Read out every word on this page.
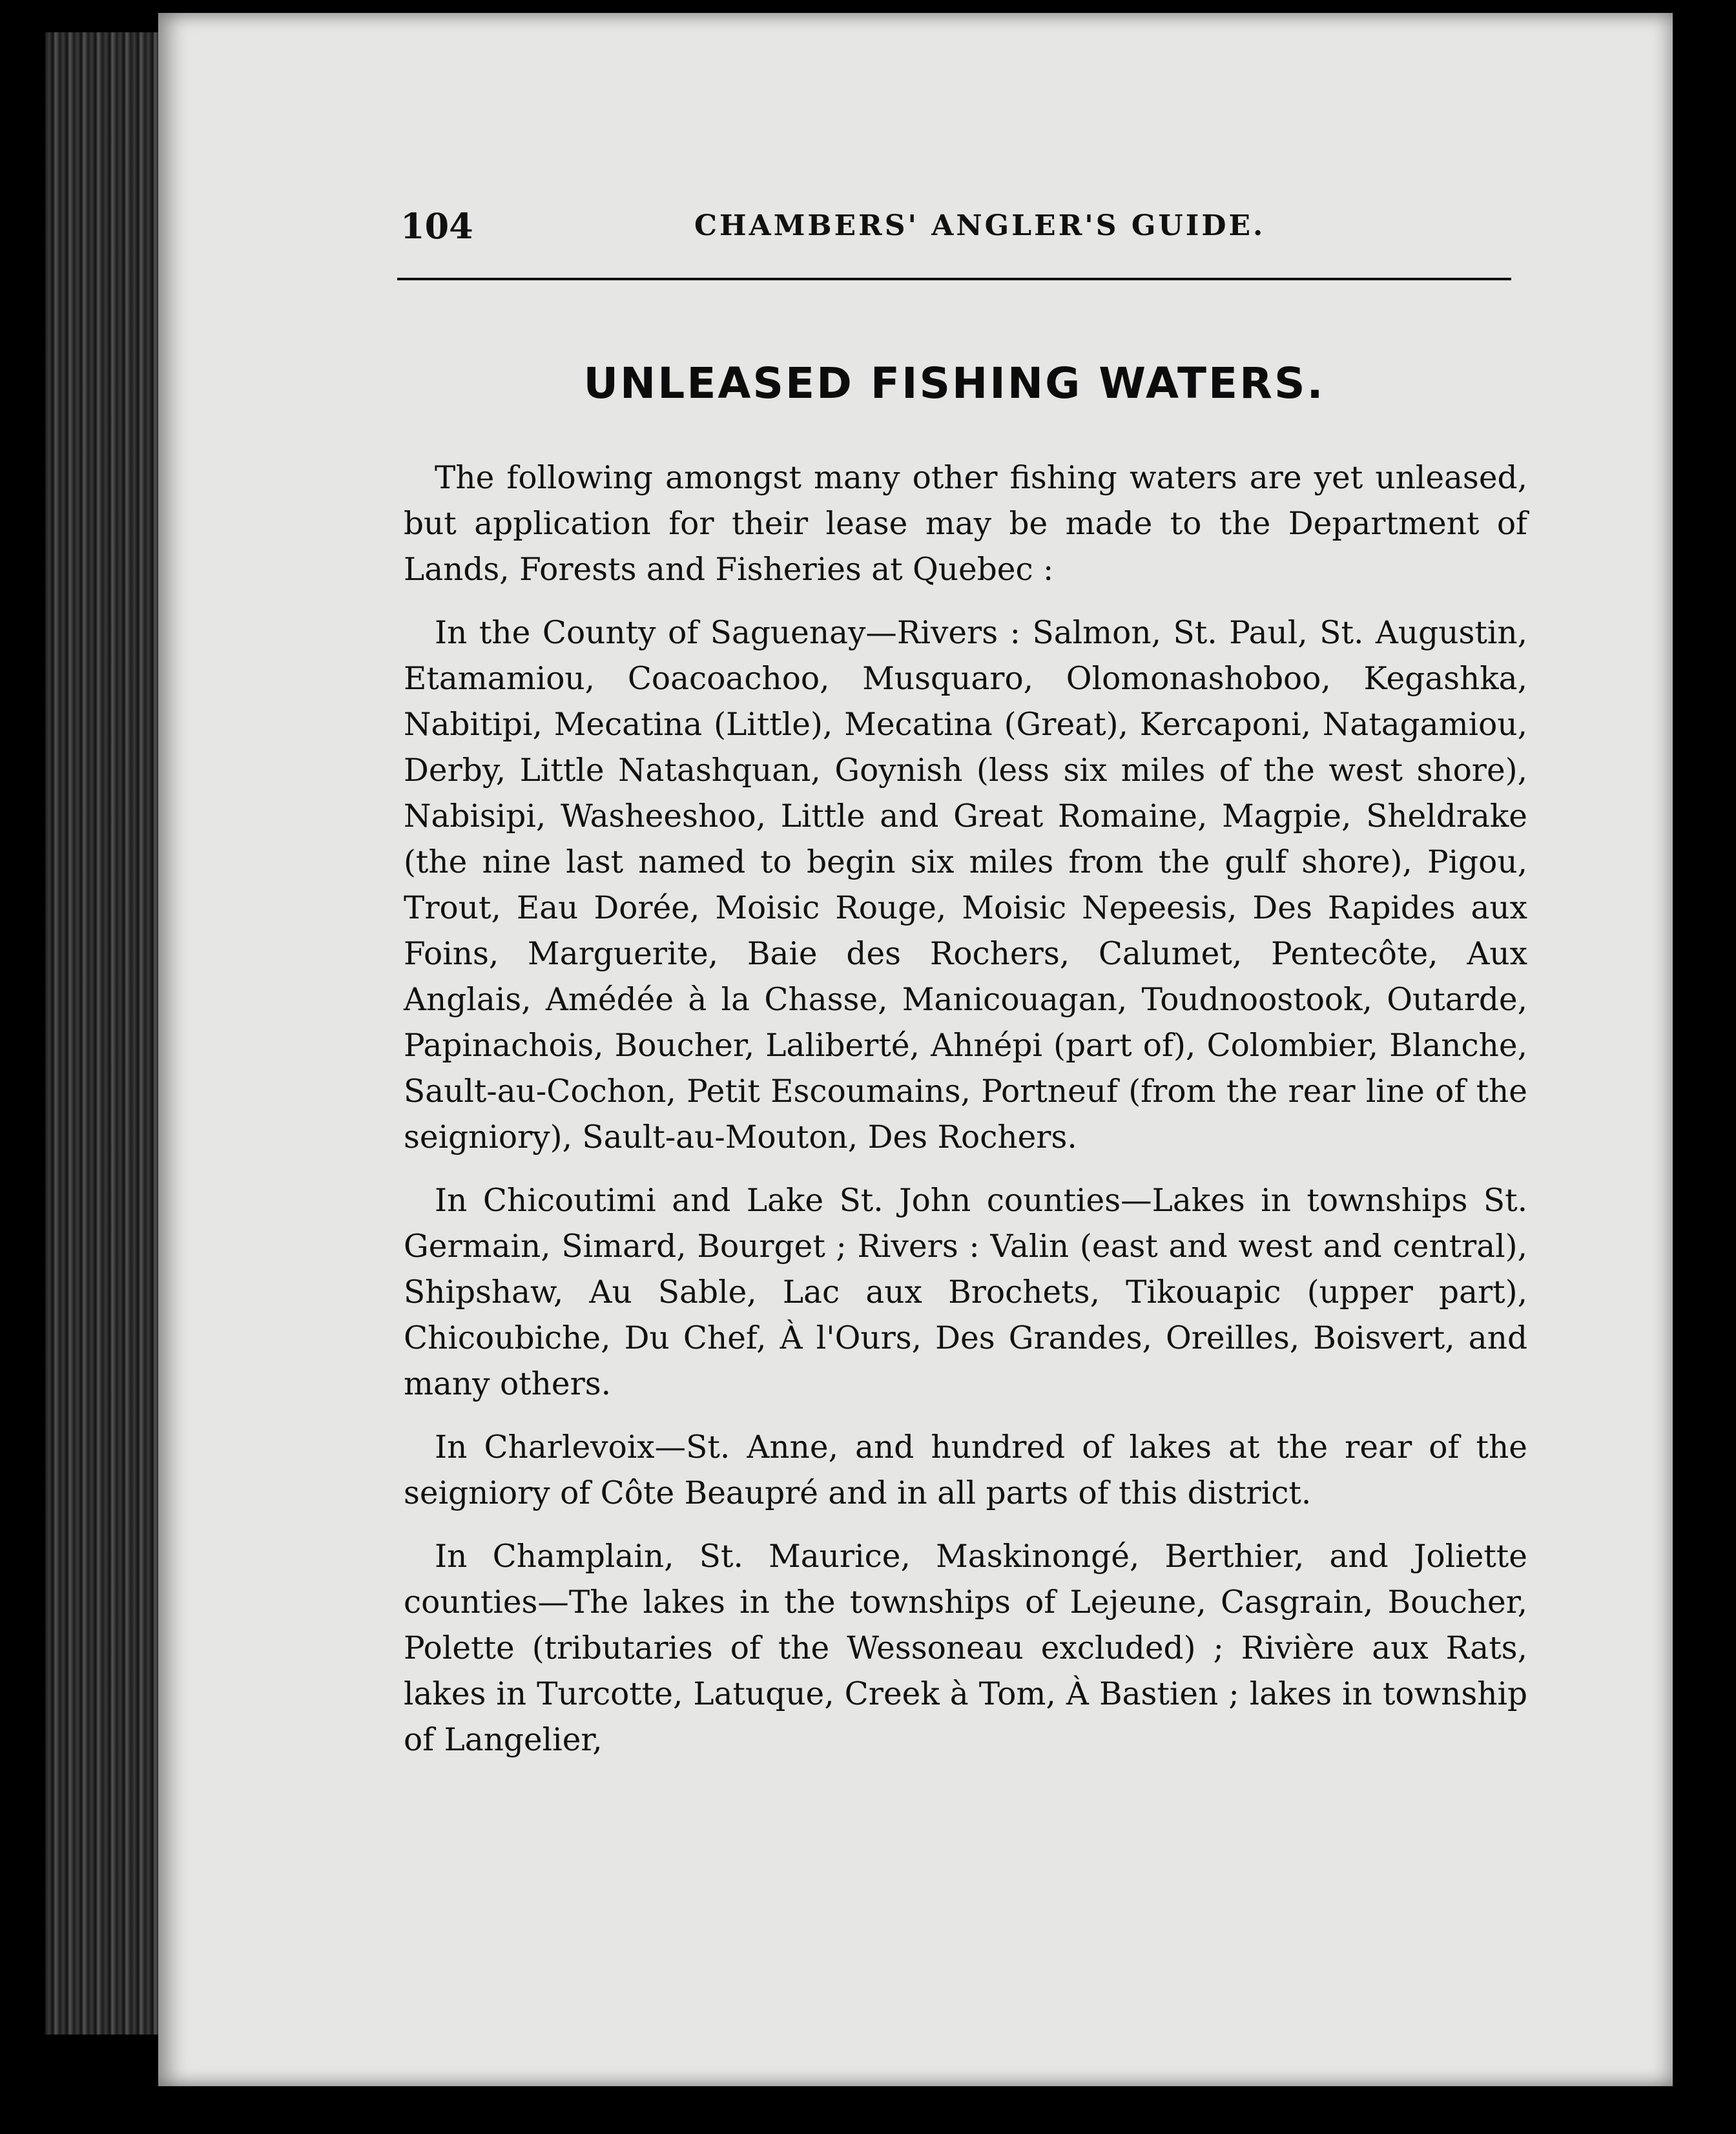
104	CHAMBERS' ANGLER'S GUIDE.
UNLEASED FISHING WATERS.

The following amongst many other fishing waters are yet unleased, but application for their lease may be made to the Department of Lands, Forests and Fisheries at Quebec :

In the County of Saguenay—Rivers : Salmon, St. Paul, St. Augustin, Etamamiou, Coacoachoo, Musquaro, Olomonashoboo, Kegashka, Nabitipi, Mecatina (Little), Mecatina (Great), Kercaponi, Natagamiou, Derby, Little Natashquan, Goynish (less six miles of the west shore), Nabisipi, Washeeshoo, Little and Great Romaine, Magpie, Sheldrake (the nine last named to begin six miles from the gulf shore), Pigou, Trout, Eau Dorée, Moisic Rouge, Moisic Nepeesis, Des Rapides aux Foins, Marguerite, Baie des Rochers, Calumet, Pentecôte, Aux Anglais, Amédée à la Chasse, Manicouagan, Toudnoostook, Outarde, Papinachois, Boucher, Laliberté, Ahnépi (part of), Colombier, Blanche, Sault-au-Cochon, Petit Escoumains, Portneuf (from the rear line of the seigniory), Sault-au-Mouton, Des Rochers.

In Chicoutimi and Lake St. John counties—Lakes in townships St. Germain, Simard, Bourget ; Rivers : Valin (east and west and central), Shipshaw, Au Sable, Lac aux Brochets, Tikouapic (upper part), Chicoubiche, Du Chef, À l'Ours, Des Grandes, Oreilles, Boisvert, and many others.

In Charlevoix—St. Anne, and hundred of lakes at the rear of the seigniory of Côte Beaupré and in all parts of this district.

In Champlain, St. Maurice, Maskinongé, Berthier, and Joliette counties—The lakes in the townships of Lejeune, Casgrain, Boucher, Polette (tributaries of the Wessoneau excluded) ; Rivière aux Rats, lakes in Turcotte, Latuque, Creek à Tom, À Bastien ; lakes in township of Langelier,
